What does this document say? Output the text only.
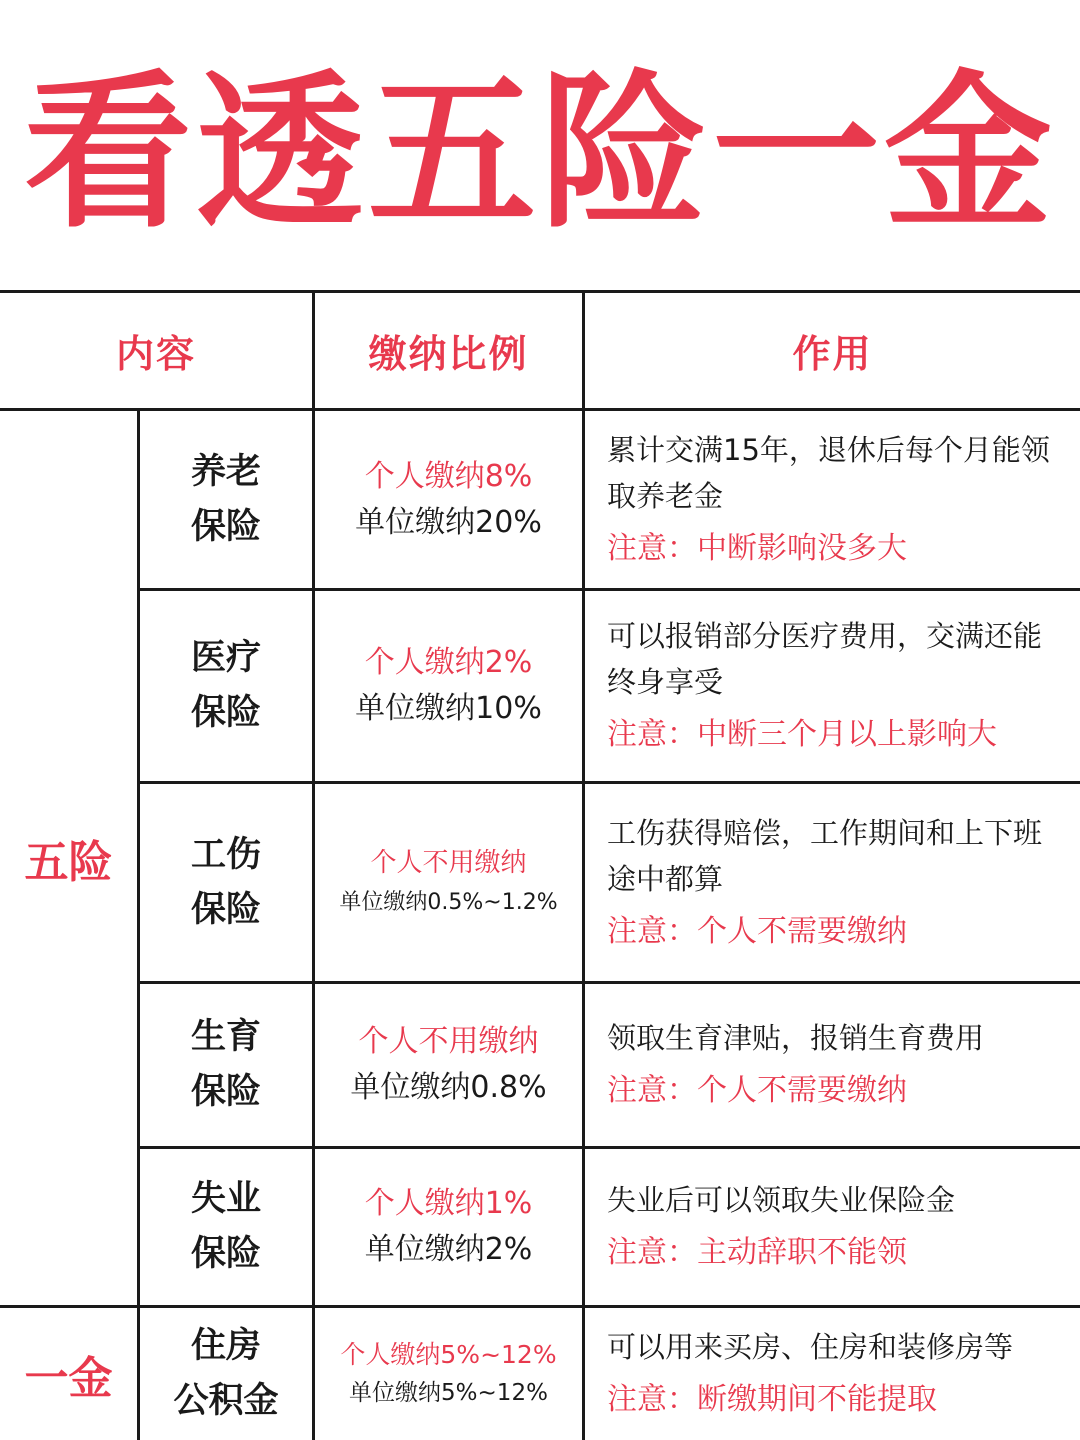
看透五险一金
内容	缴纳比例	作用
五险
一金
养老
保险
个人缴纳8%
单位缴纳20%
累计交满15年，退休后每个月能领取养老金
注意：中断影响没多大
医疗
保险
个人缴纳2%
单位缴纳10%
可以报销部分医疗费用，交满还能终身享受
注意：中断三个月以上影响大
工伤
保险
个人不用缴纳
单位缴纳0.5%~1.2%
工伤获得赔偿，工作期间和上下班途中都算
注意：个人不需要缴纳
生育
保险
个人不用缴纳
单位缴纳0.8%
领取生育津贴，报销生育费用
注意：个人不需要缴纳
失业
保险
个人缴纳1%
单位缴纳2%
失业后可以领取失业保险金
注意：主动辞职不能领
住房
公积金
个人缴纳5%~12%
单位缴纳5%~12%
可以用来买房、住房和装修房等
注意：断缴期间不能提取
